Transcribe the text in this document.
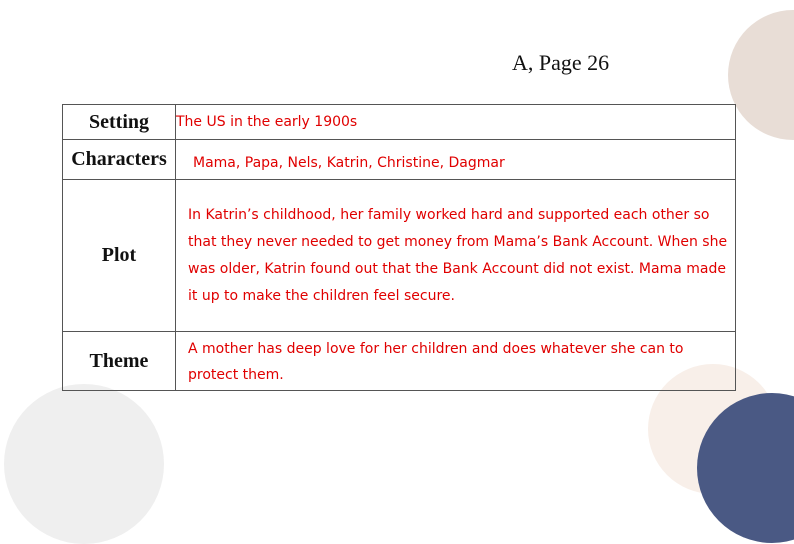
A, Page 26
Setting	The US in the early 1900s
Characters	Mama, Papa, Nels, Katrin, Christine, Dagmar
Plot	In Katrin’s childhood, her family worked hard and supported each other so that they never needed to get money from Mama’s Bank Account. When she was older, Katrin found out that the Bank Account did not exist. Mama made it up to make the children feel secure.
Theme	A mother has deep love for her children and does whatever she can to protect them.
